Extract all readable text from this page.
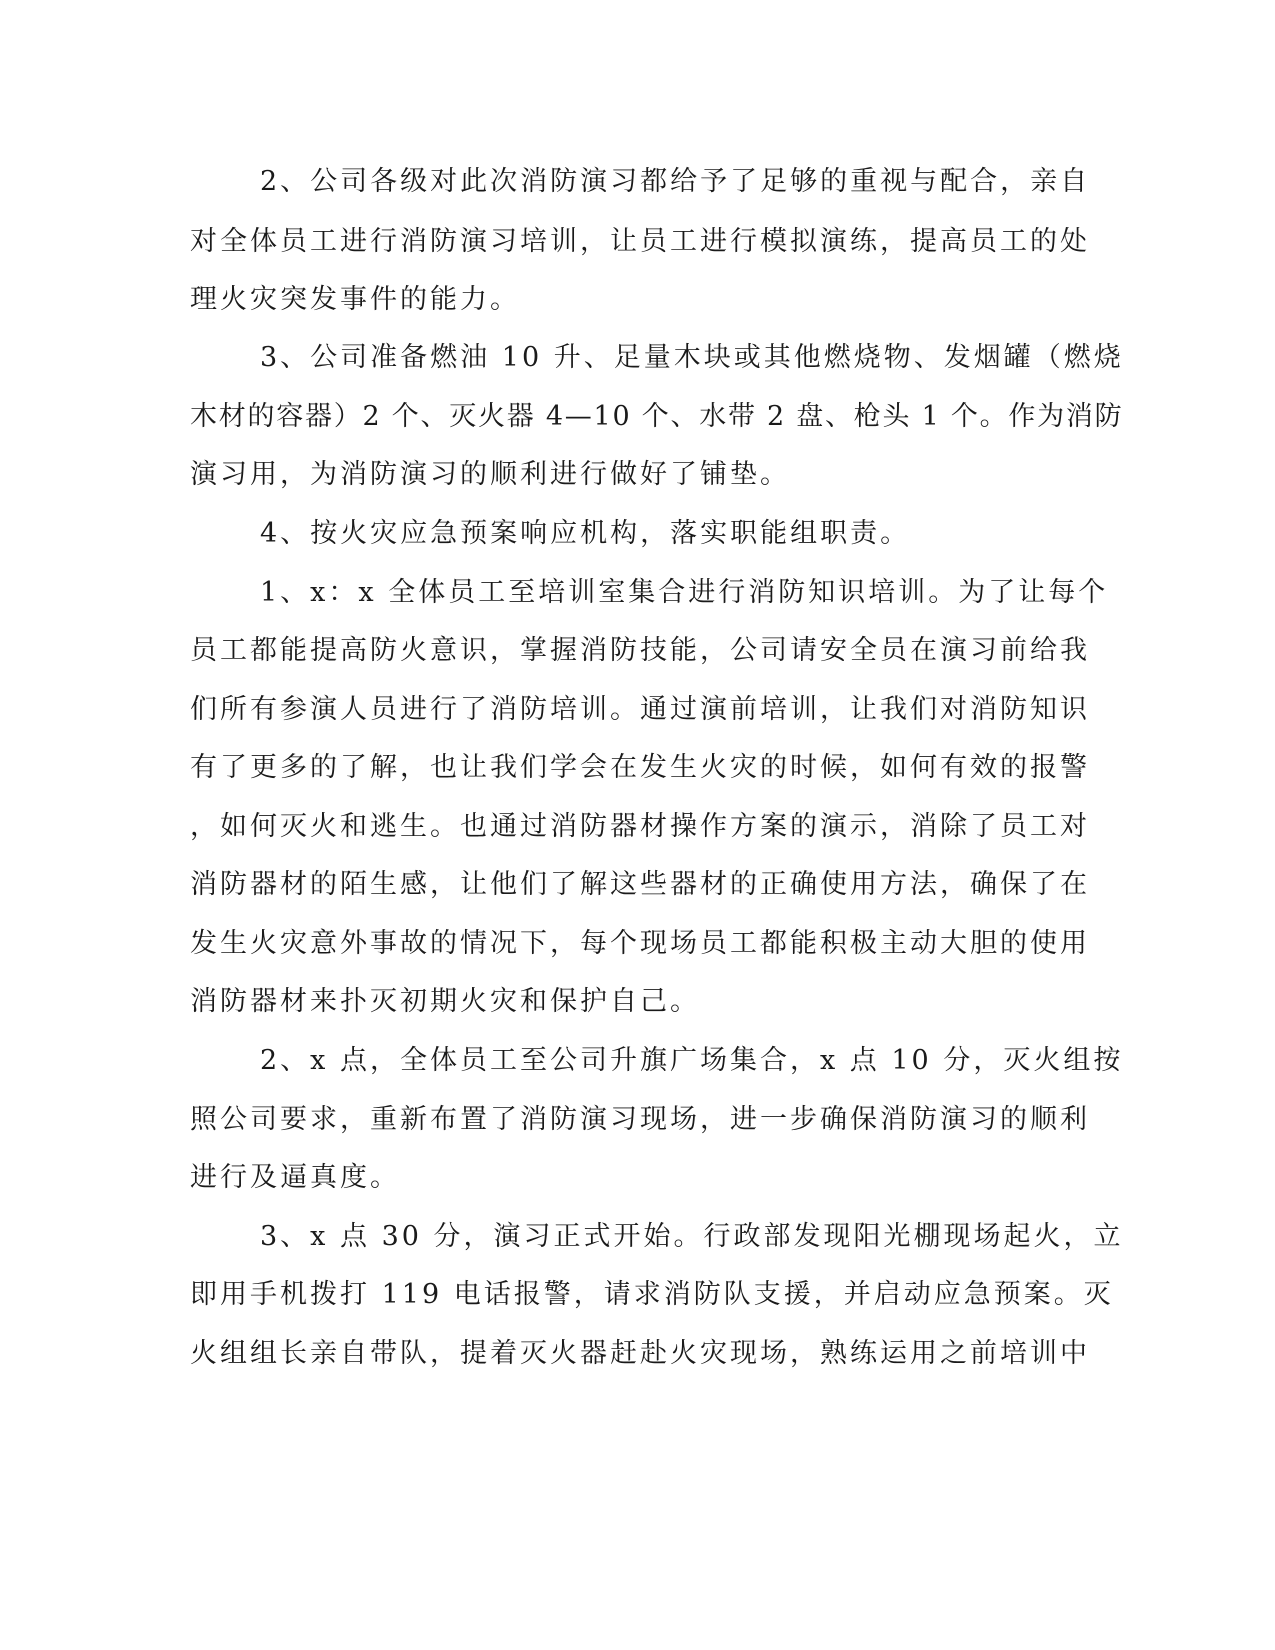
2、公司各级对此次消防演习都给予了足够的重视与配合，亲自
对全体员工进行消防演习培训，让员工进行模拟演练，提高员工的处
理火灾突发事件的能力。
3、公司准备燃油 10 升、足量木块或其他燃烧物、发烟罐（燃烧
木材的容器）2 个、灭火器 4—10 个、水带 2 盘、枪头 1 个。作为消防
演习用，为消防演习的顺利进行做好了铺垫。
4、按火灾应急预案响应机构，落实职能组职责。
1、x：x 全体员工至培训室集合进行消防知识培训。为了让每个
员工都能提高防火意识，掌握消防技能，公司请安全员在演习前给我
们所有参演人员进行了消防培训。通过演前培训，让我们对消防知识
有了更多的了解，也让我们学会在发生火灾的时候，如何有效的报警
，如何灭火和逃生。也通过消防器材操作方案的演示，消除了员工对
消防器材的陌生感，让他们了解这些器材的正确使用方法，确保了在
发生火灾意外事故的情况下，每个现场员工都能积极主动大胆的使用
消防器材来扑灭初期火灾和保护自己。
2、x 点，全体员工至公司升旗广场集合，x 点 10 分，灭火组按
照公司要求，重新布置了消防演习现场，进一步确保消防演习的顺利
进行及逼真度。
3、x 点 30 分，演习正式开始。行政部发现阳光棚现场起火，立
即用手机拨打 119 电话报警，请求消防队支援，并启动应急预案。灭
火组组长亲自带队，提着灭火器赶赴火灾现场，熟练运用之前培训中
